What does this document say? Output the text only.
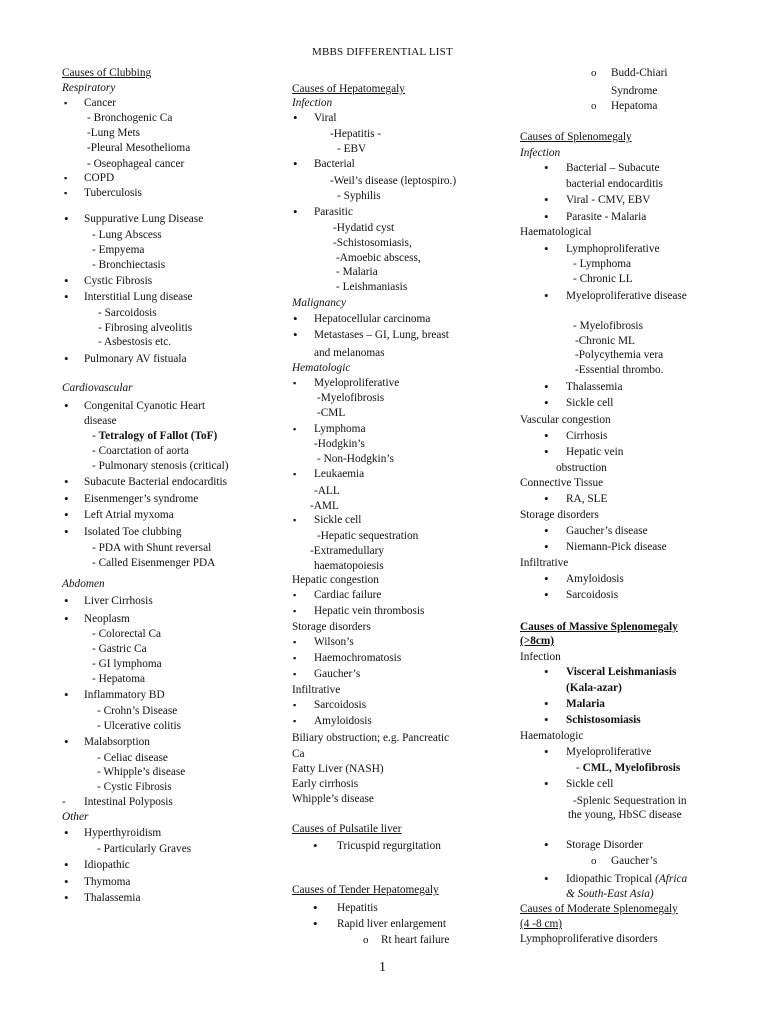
MBBS DIFFERENTIAL LIST
Causes of Clubbing
Respiratory
Cancer
▪
- Bronchogenic Ca
-Lung Mets
-Pleural Mesothelioma
- Oseophageal cancer
COPD
▪
Tuberculosis
▪
Suppurative Lung Disease
•
- Lung Abscess
- Empyema
- Bronchiectasis
Cystic Fibrosis
•
Interstitial Lung disease
•
- Sarcoidosis
- Fibrosing alveolitis
- Asbestosis etc.
Pulmonary AV fistuala
•
Cardiovascular
Congenital Cyanotic Heart
•
disease
- Tetralogy of Fallot (ToF)
- Coarctation of aorta
- Pulmonary stenosis (critical)
Subacute Bacterial endocarditis
•
Eisenmenger’s syndrome
•
Left Atrial myxoma
•
Isolated Toe clubbing
•
- PDA with Shunt reversal
- Called Eisenmenger PDA
Abdomen
Liver Cirrhosis
•
Neoplasm
•
- Colorectal Ca
- Gastric Ca
- GI lymphoma
- Hepatoma
Inflammatory BD
•
- Crohn’s Disease
- Ulcerative colitis
Malabsorption
•
- Celiac disease
- Whipple’s disease
- Cystic Fibrosis
- Intestinal Polyposis
Other
Hyperthyroidism
•
- Particularly Graves
Idiopathic
•
Thymoma
•
Thalassemia
•
Causes of Hepatomegaly
Infection
Viral
•
-Hepatitis -
- EBV
Bacterial
•
-Weil’s disease (leptospiro.)
- Syphilis
Parasitic
•
-Hydatid cyst
-Schistosomiasis,
-Amoebic abscess,
- Malaria
- Leishmaniasis
Malignancy
Hepatocellular carcinoma
•
Metastases – GI, Lung, breast
•
and melanomas
Hematologic
Myeloproliferative
▪
-Myelofibrosis
-CML
Lymphoma
▪
-Hodgkin’s
- Non-Hodgkin’s
Leukaemia
▪
-ALL
-AML
Sickle cell
▪
-Hepatic sequestration
-Extramedullary
haematopoiesis
Hepatic congestion
Cardiac failure
▪
Hepatic vein thrombosis
▪
Storage disorders
Wilson’s
▪
Haemochromatosis
▪
Gaucher’s
▪
Infiltrative
Sarcoidosis
▪
Amyloidosis
▪
Biliary obstruction; e.g. Pancreatic
Ca
Fatty Liver (NASH)
Early cirrhosis
Whipple’s disease
Causes of Pulsatile liver
Tricuspid regurgitation
•
Causes of Tender Hepatomegaly
Hepatitis
•
Rapid liver enlargement
•
Rt heart failure
o
Budd-Chiari
o
Syndrome
Hepatoma
o
Causes of Splenomegaly
Infection
Bacterial – Subacute
•
bacterial endocarditis
Viral - CMV, EBV
•
Parasite - Malaria
•
Haematological
Lymphoproliferative
•
- Lymphoma
- Chronic LL
Myeloproliferative disease
•
- Myelofibrosis
-Chronic ML
-Polycythemia vera
-Essential thrombo.
Thalassemia
•
Sickle cell
•
Vascular congestion
Cirrhosis
•
Hepatic vein
•
obstruction
Connective Tissue
RA, SLE
•
Storage disorders
Gaucher’s disease
•
Niemann-Pick disease
•
Infiltrative
Amyloidosis
•
Sarcoidosis
•
Causes of Massive Splenomegaly
(>8cm)
Infection
Visceral Leishmaniasis
•
(Kala-azar)
Malaria
•
Schistosomiasis
•
Haematologic
Myeloproliferative
•
- CML, Myelofibrosis
Sickle cell
•
-Splenic Sequestration in
the young, HbSC disease
Storage Disorder
•
Gaucher’s
o
Idiopathic Tropical (Africa
•
& South-East Asia)
Causes of Moderate Splenomegaly
(4 -8 cm)
Lymphoproliferative disorders
1
